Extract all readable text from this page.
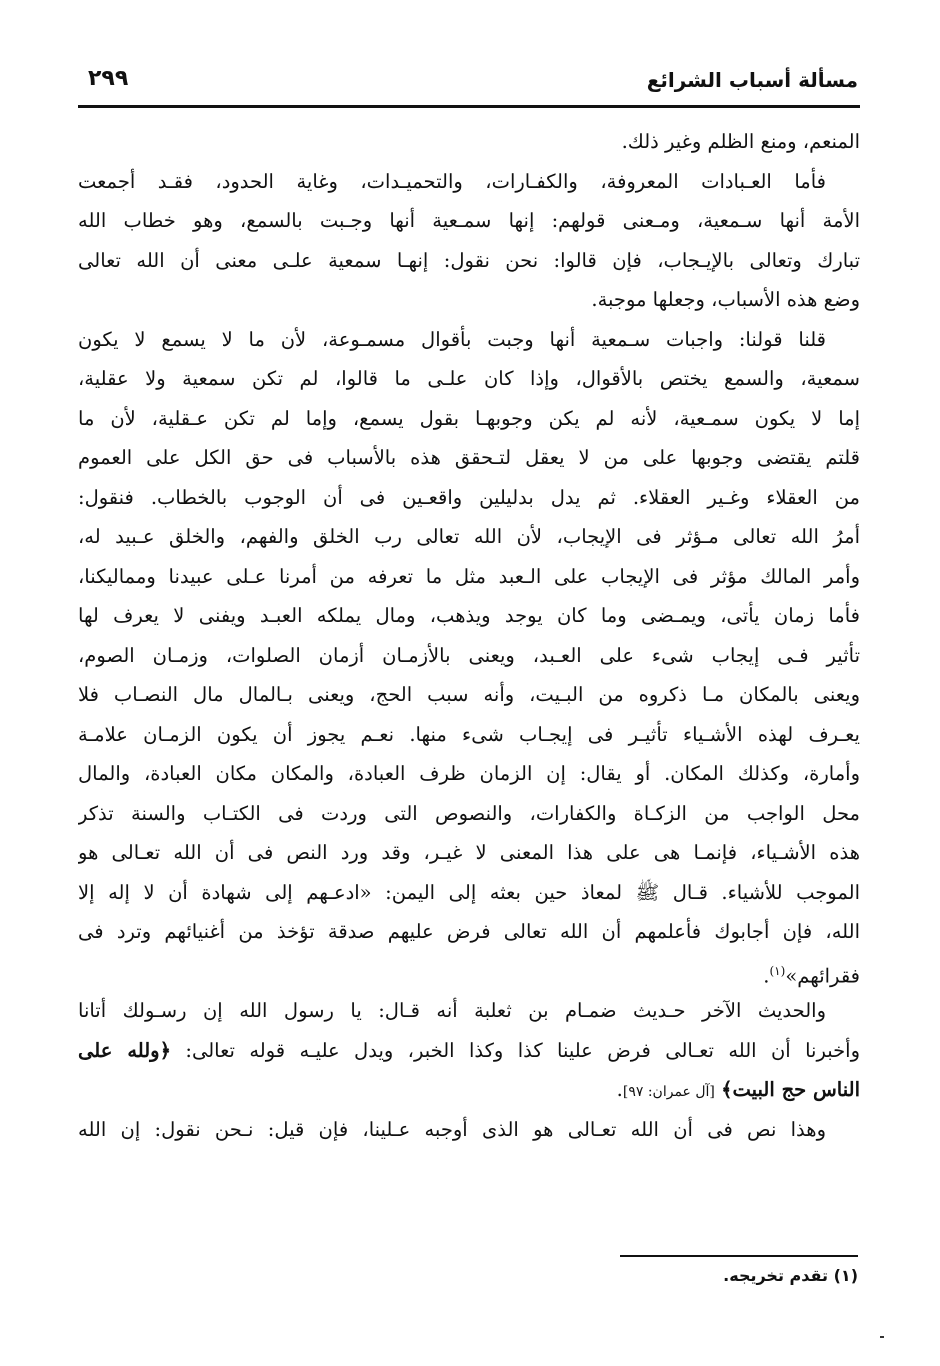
مسألة أسباب الشرائع
٢٩٩
المنعم، ومنع الظلم وغير ذلك.
فأما العـبادات المعروفة، والكفـارات، والتحميـدات، وغاية الحدود، فقـد أجمعت
الأمة أنها سـمعية، ومـعنى قولهم: إنها سمـعية أنها وجـبت بالسمع، وهو خطاب الله
تبارك وتعالى بالإيـجاب، فإن قالوا: نحن نقول: إنهـا سمعية علـى معنى أن الله تعالى
وضع هذه الأسباب، وجعلها موجبة.
قلنا قولنا: واجبات سـمعية أنها وجبت بأقوال مسمـوعة، لأن ما لا يسمع لا يكون
سمعية، والسمع يختص بالأقوال، وإذا كان علـى ما قالوا، لم تكن سمعية ولا عقلية،
إما لا يكون سمـعية، لأنه لم يكن وجوبهـا بقول يسمع، وإما لم تكن عـقلية، لأن ما
قلتم يقتضى وجوبها على من لا يعقل لتـحقق هذه بالأسباب فى حق الكل على العموم
من العقلاء وغـير العقلاء. ثم يدل بدليلين واقعـين فى أن الوجوب بالخطاب. فنقول:
أمرُ الله تعالى مـؤثر فى الإيجاب، لأن الله تعالى رب الخلق والفهم، والخلق عـبيد له،
وأمر المالك مؤثر فى الإيجاب على الـعبد مثل ما تعرفه من أمرنا عـلى عبيدنا ومماليكنا،
فأما زمان يأتى، ويمـضى وما كان يوجد ويذهب، ومال يملكه العبـد ويفنى لا يعرف لها
تأثير فـى إيجاب شىء على العـبد، ويعنى بالأزمـان أزمان الصلوات، وزمـان الصوم،
ويعنى بالمكان مـا ذكروه من البـيت، وأنه سبب الحج، ويعنى بـالمال مال النصـاب فلا
يعـرف لهذه الأشـياء تأثيـر فى إيجـاب شىء منها. نعـم يجوز أن يكون الزمـان علامـة
وأمارة، وكذلك المكان. أو يقال: إن الزمان ظرف العبادة، والمكان مكان العبادة، والمال
محل الواجب من الزكـاة والكفارات، والنصوص التى وردت فى الكتـاب والسنة تذكر
هذه الأشـياء، فإنمـا هى على هذا المعنى لا غيـر، وقد ورد النص فى أن الله تعـالى هو
الموجب للأشياء. قـال ﷺ لمعاذ حين بعثه إلى اليمن: «ادعـهم إلى شهادة أن لا إله إلا
الله، فإن أجابوك فأعلمهم أن الله تعالى فرض عليهم صدقة تؤخذ من أغنيائهم وترد فى
فقرائهم»$^{(١)}$.
والحديث الآخر حـديث ضمـام بن ثعلبة أنه قـال: يا رسول الله إن رسـولك أتانا
وأخبرنا أن الله تعـالى فرض علينا كذا وكذا الخبر، ويدل عليـه قوله تعالى: ﴿ولله على
الناس حج البيت﴾ [آل عمران: ٩٧].
وهذا نص فى أن الله تعـالى هو الذى أوجبه عـلينا، فإن قيل: نـحن نقول: إن الله
(١) تقدم تخريجه.
